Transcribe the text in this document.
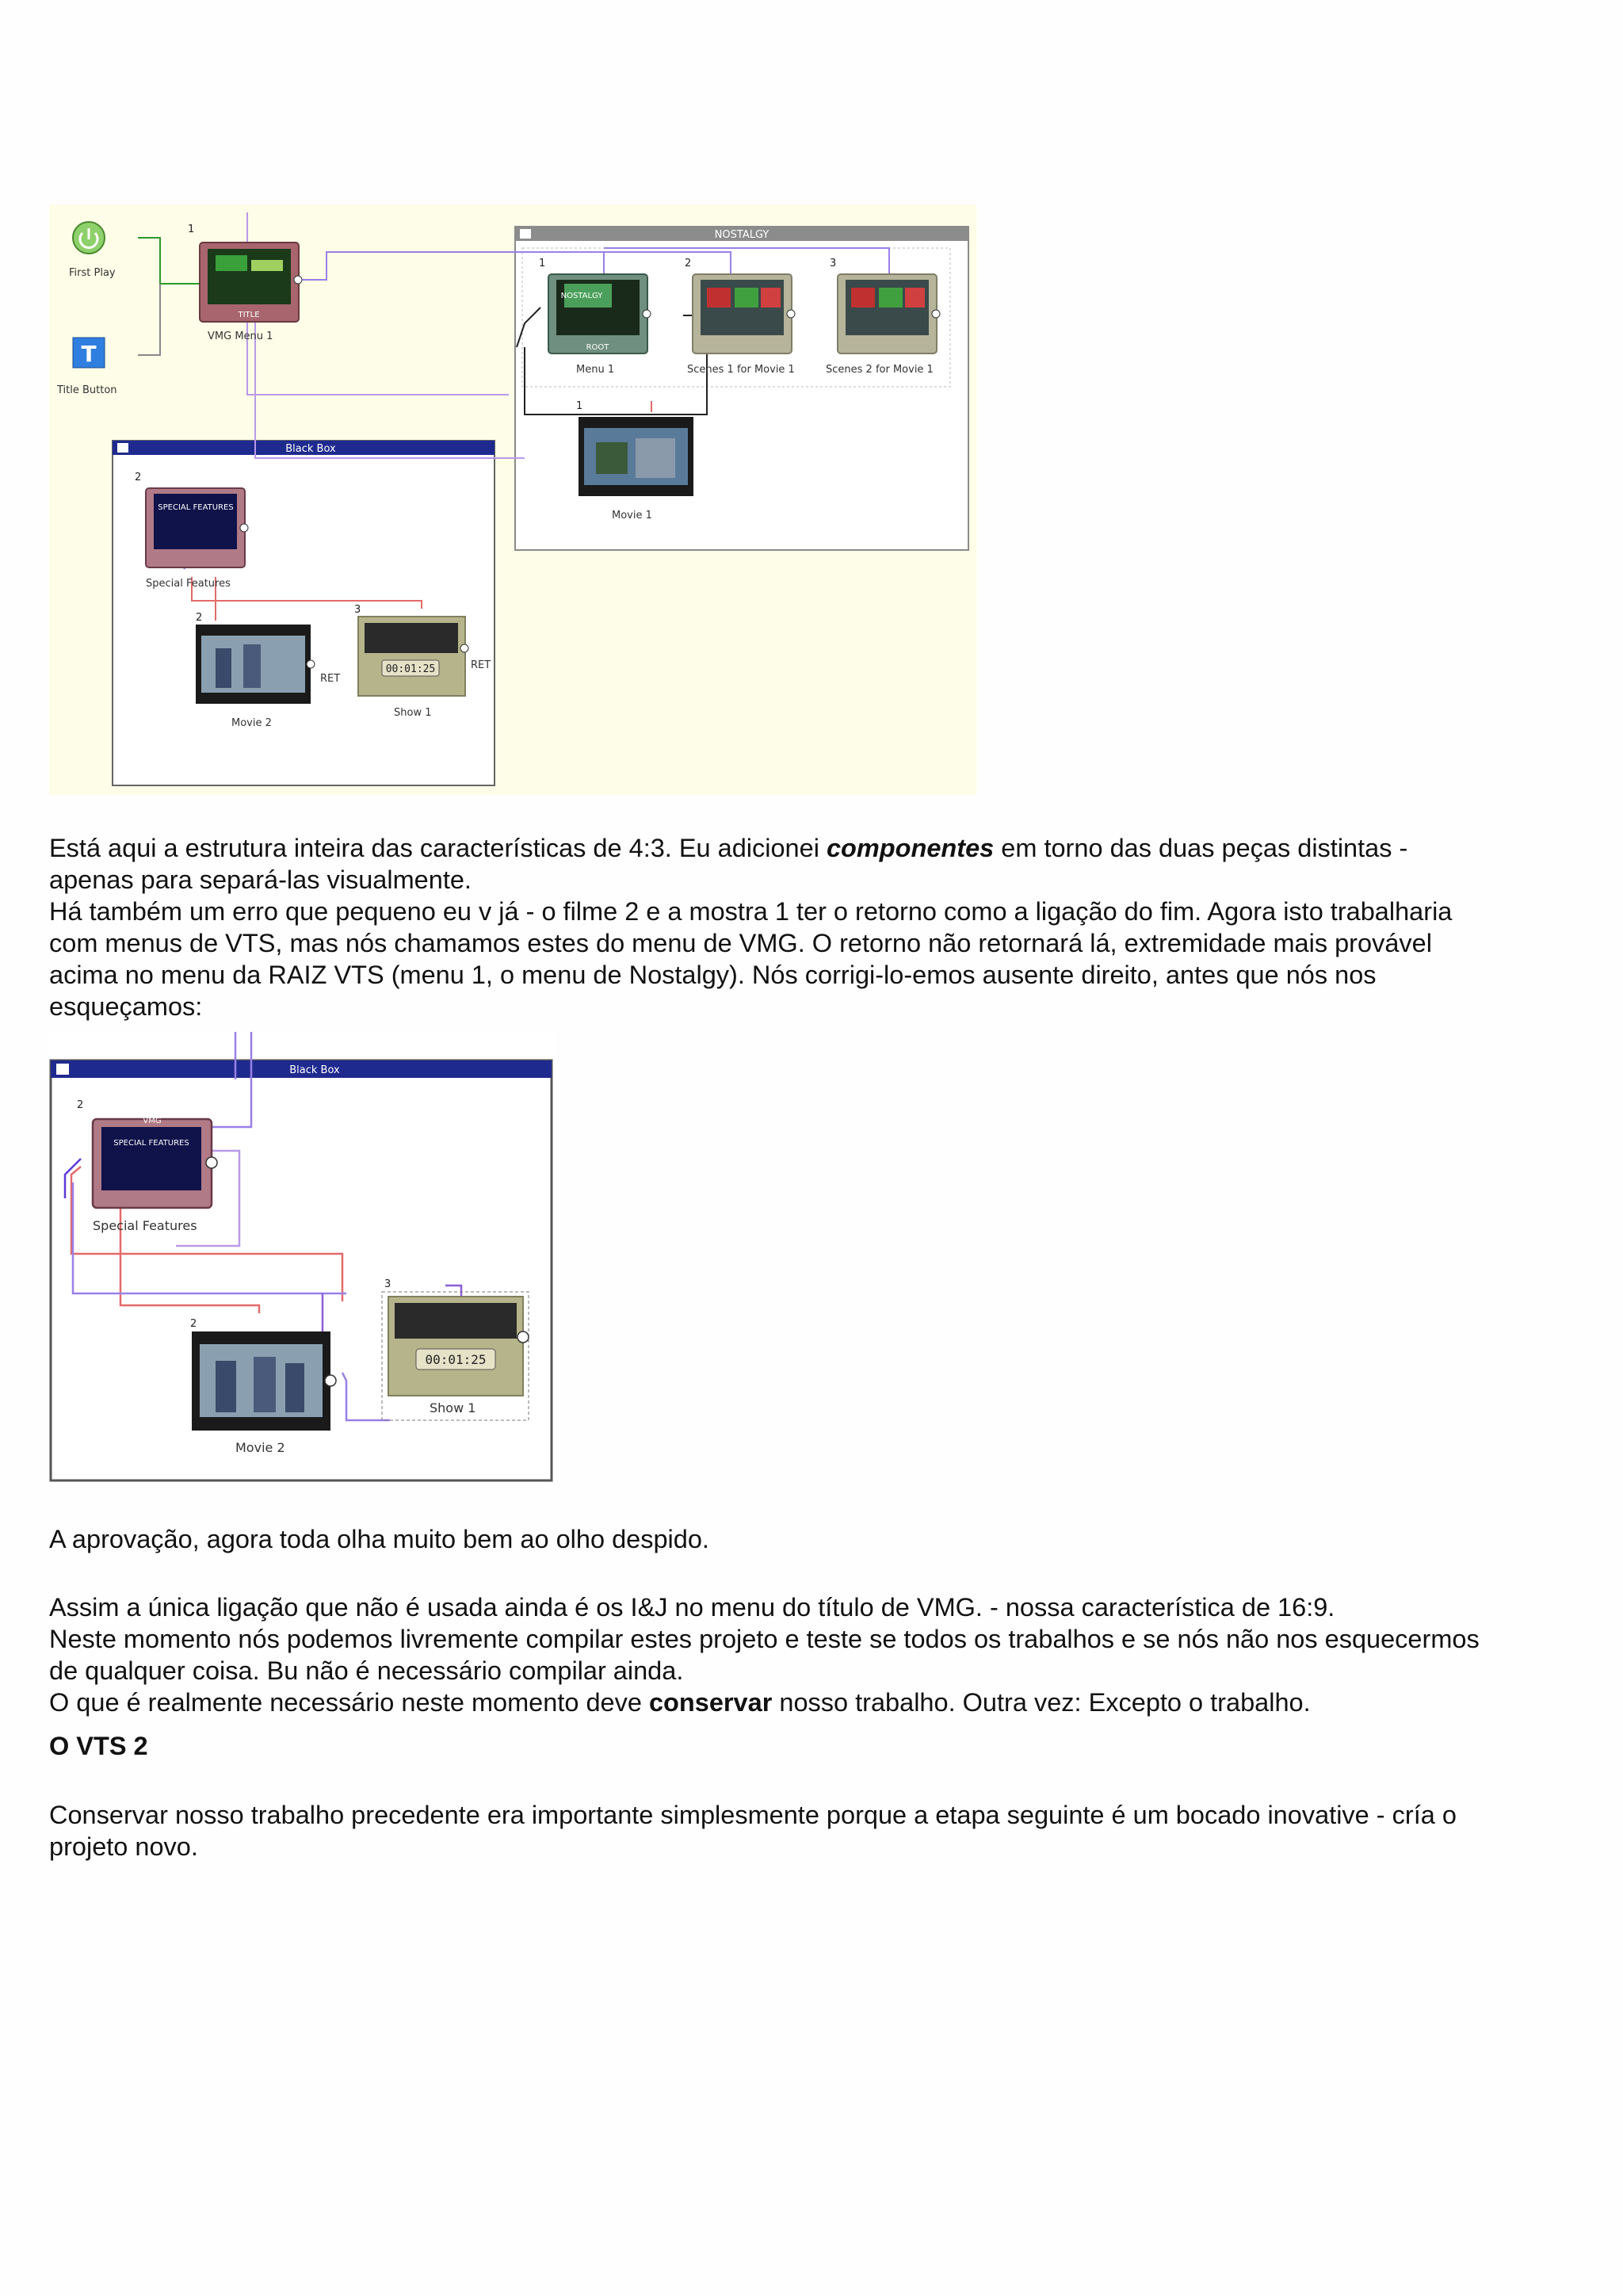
NOSTALGY
Black Box
First Play
T
Title Button
1
TITLE
VMG Menu 1
1
NOSTALGY
ROOT
Menu 1
2
Scenes 1 for Movie 1
3
Scenes 2 for Movie 1
1
Movie 1
2
SPECIAL FEATURES
Special Features
2
Movie 2
RET
3
00:01:25
Show 1
RET
Está aqui a estrutura inteira das características de 4:3. Eu adicionei componentes em torno das duas peças distintas -
apenas para separá-las visualmente.
Há também um erro que pequeno eu v já - o filme 2 e a mostra 1 ter o retorno como a ligação do fim. Agora isto trabalharia
com menus de VTS, mas nós chamamos estes do menu de VMG. O retorno não retornará lá, extremidade mais provável
acima no menu da RAIZ VTS (menu 1, o menu de Nostalgy). Nós corrigi-lo-emos ausente direito, antes que nós nos
esqueçamos:
Black Box
2
SPECIAL FEATURES
VMG
Special Features
2
Movie 2
3
00:01:25
Show 1
A aprovação, agora toda olha muito bem ao olho despido.
Assim a única ligação que não é usada ainda é os I&J no menu do título de VMG. - nossa característica de 16:9.
Neste momento nós podemos livremente compilar estes projeto e teste se todos os trabalhos e se nós não nos esquecermos
de qualquer coisa. Bu não é necessário compilar ainda.
O que é realmente necessário neste momento deve conservar nosso trabalho. Outra vez: Excepto o trabalho.
O VTS 2
Conservar nosso trabalho precedente era importante simplesmente porque a etapa seguinte é um bocado inovative - cría o
projeto novo.
